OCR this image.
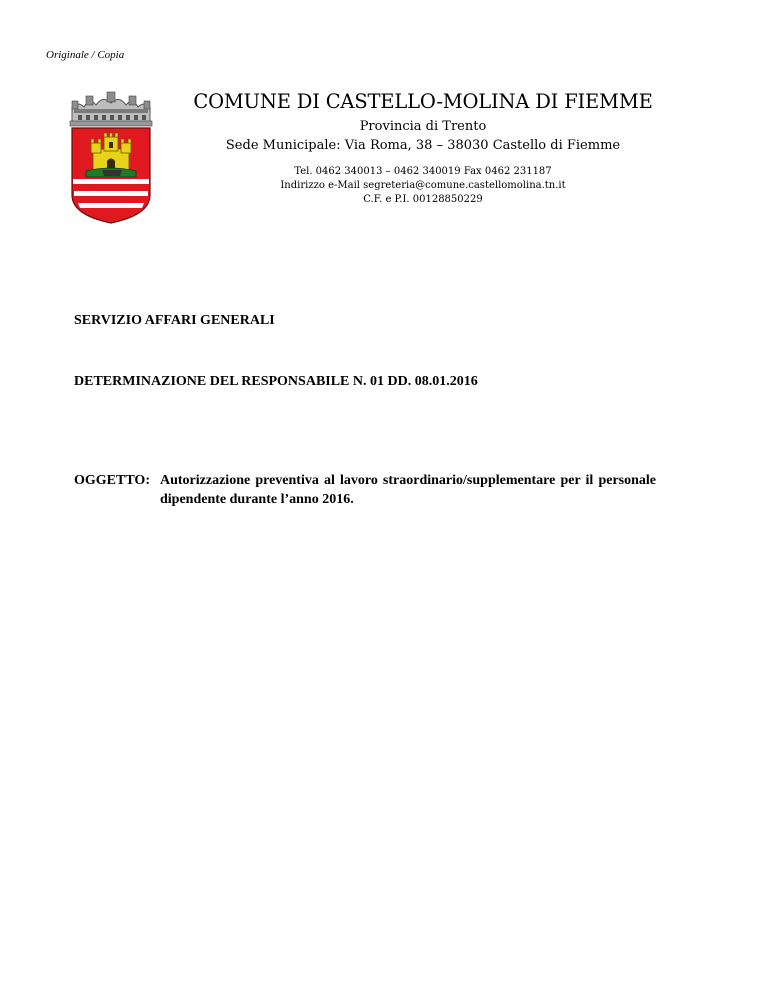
Originale / Copia
COMUNE DI CASTELLO-MOLINA DI FIEMME
Provincia di Trento
Sede Municipale: Via Roma, 38 – 38030 Castello di Fiemme
Tel. 0462 340013 – 0462 340019 Fax 0462 231187
Indirizzo e-Mail segreteria@comune.castellomolina.tn.it
C.F. e P.I. 00128850229
SERVIZIO AFFARI GENERALI
DETERMINAZIONE DEL RESPONSABILE N. 01 DD. 08.01.2016
OGGETTO: Autorizzazione preventiva al lavoro straordinario/supplementare per il personale dipendente durante l’anno 2016.
